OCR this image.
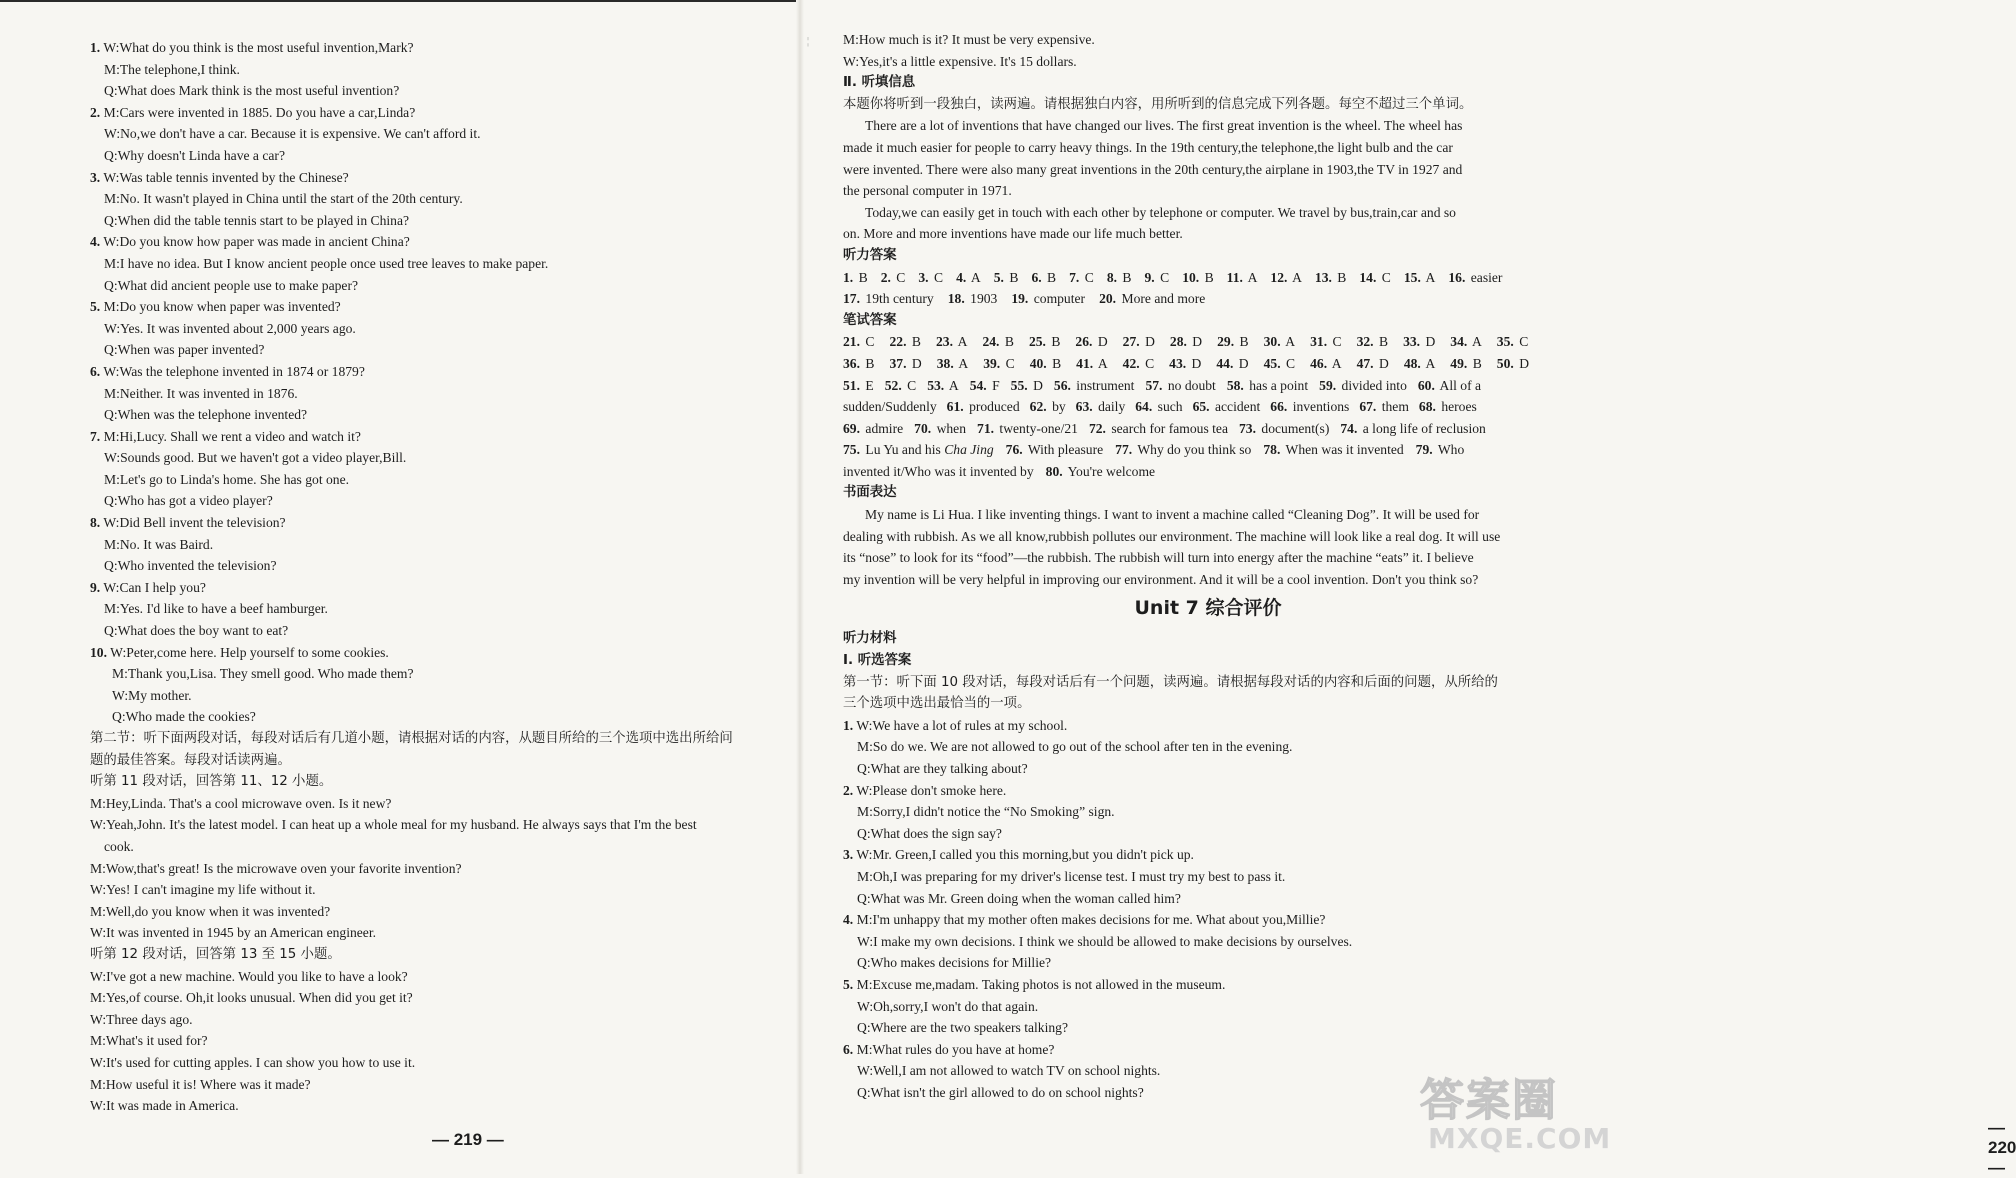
1. W:What do you think is the most useful invention,Mark?
M:The telephone,I think.
Q:What does Mark think is the most useful invention?
2. M:Cars were invented in 1885. Do you have a car,Linda?
W:No,we don't have a car. Because it is expensive. We can't afford it.
Q:Why doesn't Linda have a car?
3. W:Was table tennis invented by the Chinese?
M:No. It wasn't played in China until the start of the 20th century.
Q:When did the table tennis start to be played in China?
4. W:Do you know how paper was made in ancient China?
M:I have no idea. But I know ancient people once used tree leaves to make paper.
Q:What did ancient people use to make paper?
5. M:Do you know when paper was invented?
W:Yes. It was invented about 2,000 years ago.
Q:When was paper invented?
6. W:Was the telephone invented in 1874 or 1879?
M:Neither. It was invented in 1876.
Q:When was the telephone invented?
7. M:Hi,Lucy. Shall we rent a video and watch it?
W:Sounds good. But we haven't got a video player,Bill.
M:Let's go to Linda's home. She has got one.
Q:Who has got a video player?
8. W:Did Bell invent the television?
M:No. It was Baird.
Q:Who invented the television?
9. W:Can I help you?
M:Yes. I'd like to have a beef hamburger.
Q:What does the boy want to eat?
10. W:Peter,come here. Help yourself to some cookies.
M:Thank you,Lisa. They smell good. Who made them?
W:My mother.
Q:Who made the cookies?
第二节：听下面两段对话，每段对话后有几道小题，请根据对话的内容，从题目所给的三个选项中选出所给问
题的最佳答案。每段对话读两遍。
听第 11 段对话，回答第 11、12 小题。
M:Hey,Linda. That's a cool microwave oven. Is it new?
W:Yeah,John. It's the latest model. I can heat up a whole meal for my husband. He always says that I'm the best
cook.
M:Wow,that's great! Is the microwave oven your favorite invention?
W:Yes! I can't imagine my life without it.
M:Well,do you know when it was invented?
W:It was invented in 1945 by an American engineer.
听第 12 段对话，回答第 13 至 15 小题。
W:I've got a new machine. Would you like to have a look?
M:Yes,of course. Oh,it looks unusual. When did you get it?
W:Three days ago.
M:What's it used for?
W:It's used for cutting apples. I can show you how to use it.
M:How useful it is! Where was it made?
W:It was made in America.
— 219 —
¦
— 220 —
M:How much is it? It must be very expensive.
W:Yes,it's a little expensive. It's 15 dollars.
Ⅱ. 听填信息
本题你将听到一段独白，读两遍。请根据独白内容，用所听到的信息完成下列各题。每空不超过三个单词。
There are a lot of inventions that have changed our lives. The first great invention is the wheel. The wheel has
made it much easier for people to carry heavy things. In the 19th century,the telephone,the light bulb and the car
were invented. There were also many great inventions in the 20th century,the airplane in 1903,the TV in 1927 and
the personal computer in 1971.
Today,we can easily get in touch with each other by telephone or computer. We travel by bus,train,car and so
on. More and more inventions have made our life much better.
听力答案
1. B 2. C 3. C 4. A 5. B 6. B 7. C 8. B 9. C 10. B 11. A 12. A 13. B 14. C 15. A 16. easier
17. 19th century 18. 1903 19. computer 20. More and more
笔试答案
21. C 22. B 23. A 24. B 25. B 26. D 27. D 28. D 29. B 30. A 31. C 32. B 33. D 34. A 35. C
36. B 37. D 38. A 39. C 40. B 41. A 42. C 43. D 44. D 45. C 46. A 47. D 48. A 49. B 50. D
51. E 52. C 53. A 54. F 55. D 56. instrument 57. no doubt 58. has a point 59. divided into 60. All of a
sudden/Suddenly 61. produced 62. by 63. daily 64. such 65. accident 66. inventions 67. them 68. heroes
69. admire 70. when 71. twenty-one/21 72. search for famous tea 73. document(s) 74. a long life of reclusion
75. Lu Yu and his Cha Jing 76. With pleasure 77. Why do you think so 78. When was it invented 79. Who
invented it/Who was it invented by 80. You're welcome
书面表达
My name is Li Hua. I like inventing things. I want to invent a machine called “Cleaning Dog”. It will be used for
dealing with rubbish. As we all know,rubbish pollutes our environment. The machine will look like a real dog. It will use
its “nose” to look for its “food”—the rubbish. The rubbish will turn into energy after the machine “eats” it. I believe
my invention will be very helpful in improving our environment. And it will be a cool invention. Don't you think so?
Unit 7 综合评价
听力材料
Ⅰ. 听选答案
第一节：听下面 10 段对话，每段对话后有一个问题，读两遍。请根据每段对话的内容和后面的问题，从所给的
三个选项中选出最恰当的一项。
1. W:We have a lot of rules at my school.
M:So do we. We are not allowed to go out of the school after ten in the evening.
Q:What are they talking about?
2. W:Please don't smoke here.
M:Sorry,I didn't notice the “No Smoking” sign.
Q:What does the sign say?
3. W:Mr. Green,I called you this morning,but you didn't pick up.
M:Oh,I was preparing for my driver's license test. I must try my best to pass it.
Q:What was Mr. Green doing when the woman called him?
4. M:I'm unhappy that my mother often makes decisions for me. What about you,Millie?
W:I make my own decisions. I think we should be allowed to make decisions by ourselves.
Q:Who makes decisions for Millie?
5. M:Excuse me,madam. Taking photos is not allowed in the museum.
W:Oh,sorry,I won't do that again.
Q:Where are the two speakers talking?
6. M:What rules do you have at home?
W:Well,I am not allowed to watch TV on school nights.
Q:What isn't the girl allowed to do on school nights?	答案圈
MXQE.COM
